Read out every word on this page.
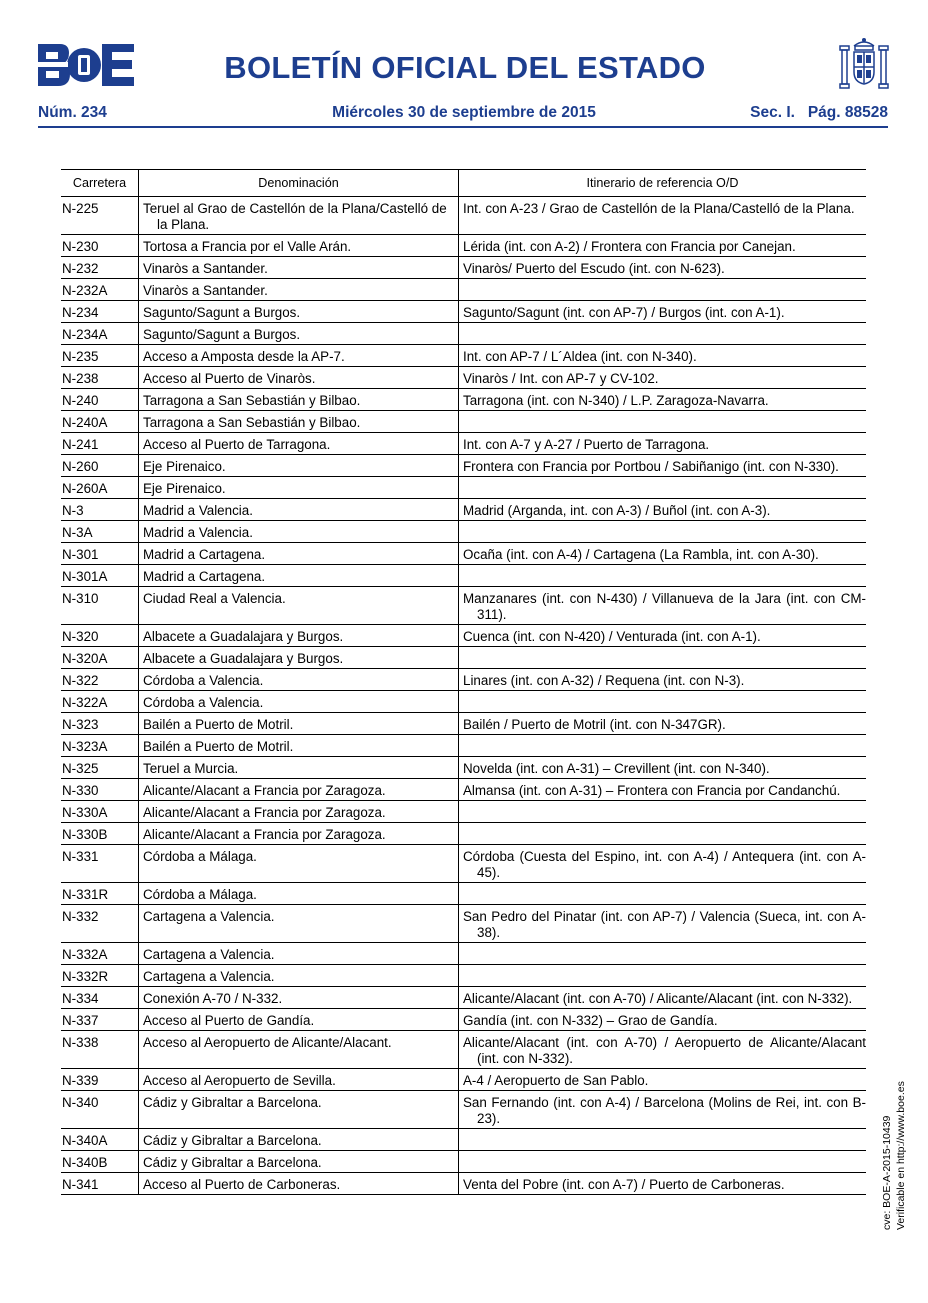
BOLETÍN OFICIAL DEL ESTADO
Núm. 234	Miércoles 30 de septiembre de 2015	Sec. I.   Pág. 88528
Carretera	Denominación	Itinerario de referencia O/D
N-225	Teruel al Grao de Castellón de la Plana/Castelló de la Plana.	Int. con A-23 / Grao de Castellón de la Plana/Castelló de la Plana.

N-230	Tortosa a Francia por el Valle Arán.	Lérida (int. con A-2) / Frontera con Francia por Canejan.

N-232	Vinaròs a Santander.	Vinaròs/ Puerto del Escudo (int. con N-623).

N-232A	Vinaròs a Santander.	

N-234	Sagunto/Sagunt a Burgos.	Sagunto/Sagunt (int. con AP-7) / Burgos (int. con A-1).

N-234A	Sagunto/Sagunt a Burgos.	

N-235	Acceso a Amposta desde la AP-7.	Int. con AP-7 / L´Aldea (int. con N-340).

N-238	Acceso al Puerto de Vinaròs.	Vinaròs / Int. con AP-7 y CV-102.

N-240	Tarragona a San Sebastián y Bilbao.	Tarragona (int. con N-340) / L.P. Zaragoza-Navarra.

N-240A	Tarragona a San Sebastián y Bilbao.	

N-241	Acceso al Puerto de Tarragona.	Int. con A-7 y A-27 / Puerto de Tarragona.

N-260	Eje Pirenaico.	Frontera con Francia por Portbou / Sabiñanigo (int. con N-330).

N-260A	Eje Pirenaico.	

N-3	Madrid a Valencia.	Madrid (Arganda, int. con A-3) / Buñol (int. con A-3).

N-3A	Madrid a Valencia.	

N-301	Madrid a Cartagena.	Ocaña (int. con A-4) / Cartagena (La Rambla, int. con A-30).

N-301A	Madrid a Cartagena.	

N-310	Ciudad Real a Valencia.	Manzanares (int. con N-430) / Villanueva de la Jara (int. con CM-311).

N-320	Albacete a Guadalajara y Burgos.	Cuenca (int. con N-420) / Venturada (int. con A-1).

N-320A	Albacete a Guadalajara y Burgos.	

N-322	Córdoba a Valencia.	Linares (int. con A-32) / Requena (int. con N-3).

N-322A	Córdoba a Valencia.	

N-323	Bailén a Puerto de Motril.	Bailén / Puerto de Motril (int. con N-347GR).

N-323A	Bailén a Puerto de Motril.	

N-325	Teruel a Murcia.	Novelda (int. con A-31) – Crevillent (int. con N-340).

N-330	Alicante/Alacant a Francia por Zaragoza.	Almansa (int. con A-31) – Frontera con Francia por Candanchú.

N-330A	Alicante/Alacant a Francia por Zaragoza.	

N-330B	Alicante/Alacant a Francia por Zaragoza.	

N-331	Córdoba a Málaga.	Córdoba (Cuesta del Espino, int. con A-4) / Antequera (int. con A-45).

N-331R	Córdoba a Málaga.	

N-332	Cartagena a Valencia.	San Pedro del Pinatar (int. con AP-7) / Valencia (Sueca, int. con A-38).

N-332A	Cartagena a Valencia.	

N-332R	Cartagena a Valencia.	

N-334	Conexión A-70 / N-332.	Alicante/Alacant (int. con A-70) / Alicante/Alacant (int. con N-332).

N-337	Acceso al Puerto de Gandía.	Gandía (int. con N-332) – Grao de Gandía.

N-338	Acceso al Aeropuerto de Alicante/Alacant.	Alicante/Alacant (int. con A-70) / Aeropuerto de Alicante/Alacant (int. con N-332).

N-339	Acceso al Aeropuerto de Sevilla.	A-4 / Aeropuerto de San Pablo.

N-340	Cádiz y Gibraltar a Barcelona.	San Fernando (int. con A-4) / Barcelona (Molins de Rei, int. con B-23).

N-340A	Cádiz y Gibraltar a Barcelona.	

N-340B	Cádiz y Gibraltar a Barcelona.	

N-341	Acceso al Puerto de Carboneras.	Venta del Pobre (int. con A-7) / Puerto de Carboneras.	cve: BOE-A-2015-10439 Verificable en http://www.boe.es
